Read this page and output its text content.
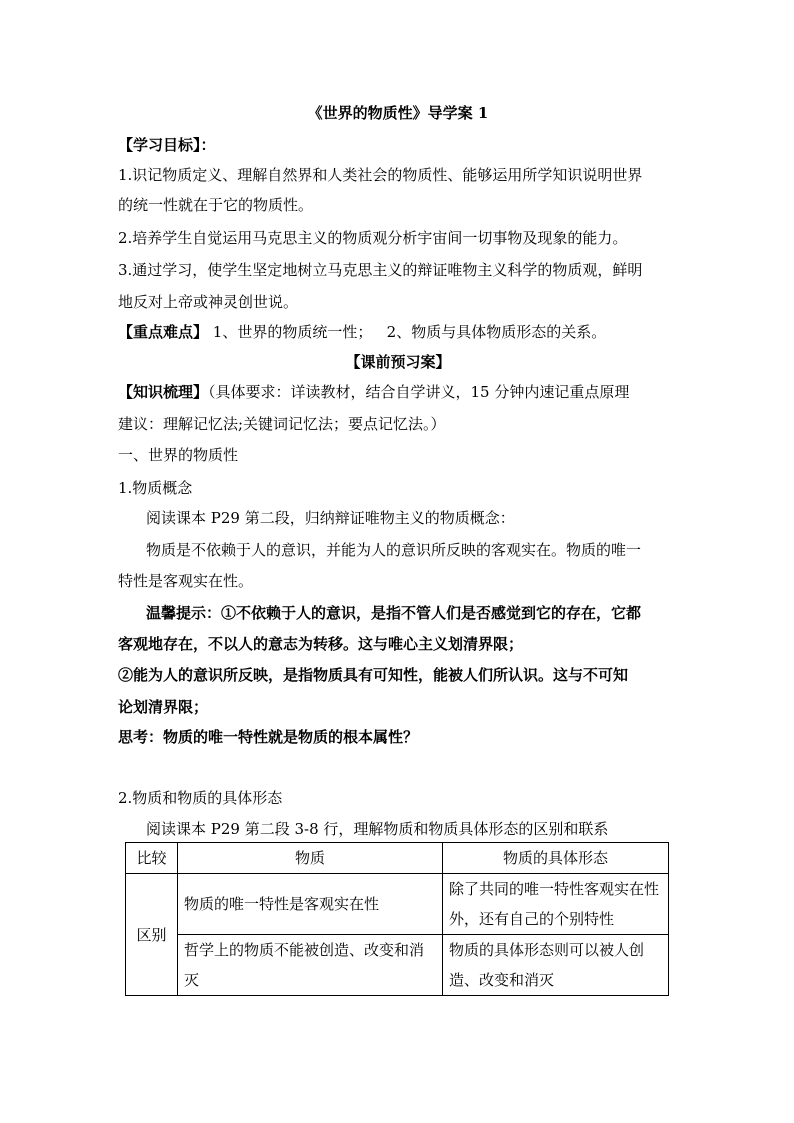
《世界的物质性》导学案 1
【学习目标】：
1.识记物质定义、理解自然界和人类社会的物质性、能够运用所学知识说明世界
的统一性就在于它的物质性。
2.培养学生自觉运用马克思主义的物质观分析宇宙间一切事物及现象的能力。
3.通过学习，使学生坚定地树立马克思主义的辩证唯物主义科学的物质观，鲜明
地反对上帝或神灵创世说。
【重点难点】 1、世界的物质统一性；   2、物质与具体物质形态的关系。
【课前预习案】
【知识梳理】（具体要求：详读教材，结合自学讲义，15 分钟内速记重点原理
建议：理解记忆法;关键词记忆法；要点记忆法。）
一、世界的物质性
1.物质概念
阅读课本 P29 第二段，归纳辩证唯物主义的物质概念：
物质是不依赖于人的意识，并能为人的意识所反映的客观实在。物质的唯一
特性是客观实在性。
温馨提示：①不依赖于人的意识，是指不管人们是否感觉到它的存在，它都
客观地存在，不以人的意志为转移。这与唯心主义划清界限；
②能为人的意识所反映，是指物质具有可知性，能被人们所认识。这与不可知
论划清界限；
思考：物质的唯一特性就是物质的根本属性？
2.物质和物质的具体形态
阅读课本 P29 第二段 3-8 行，理解物质和物质具体形态的区别和联系
比较	物质	物质的具体形态
区别	物质的唯一特性是客观实在性	除了共同的唯一特性客观实在性外，还有自己的个别特性
	哲学上的物质不能被创造、改变和消灭	物质的具体形态则可以被人创造、改变和消灭
